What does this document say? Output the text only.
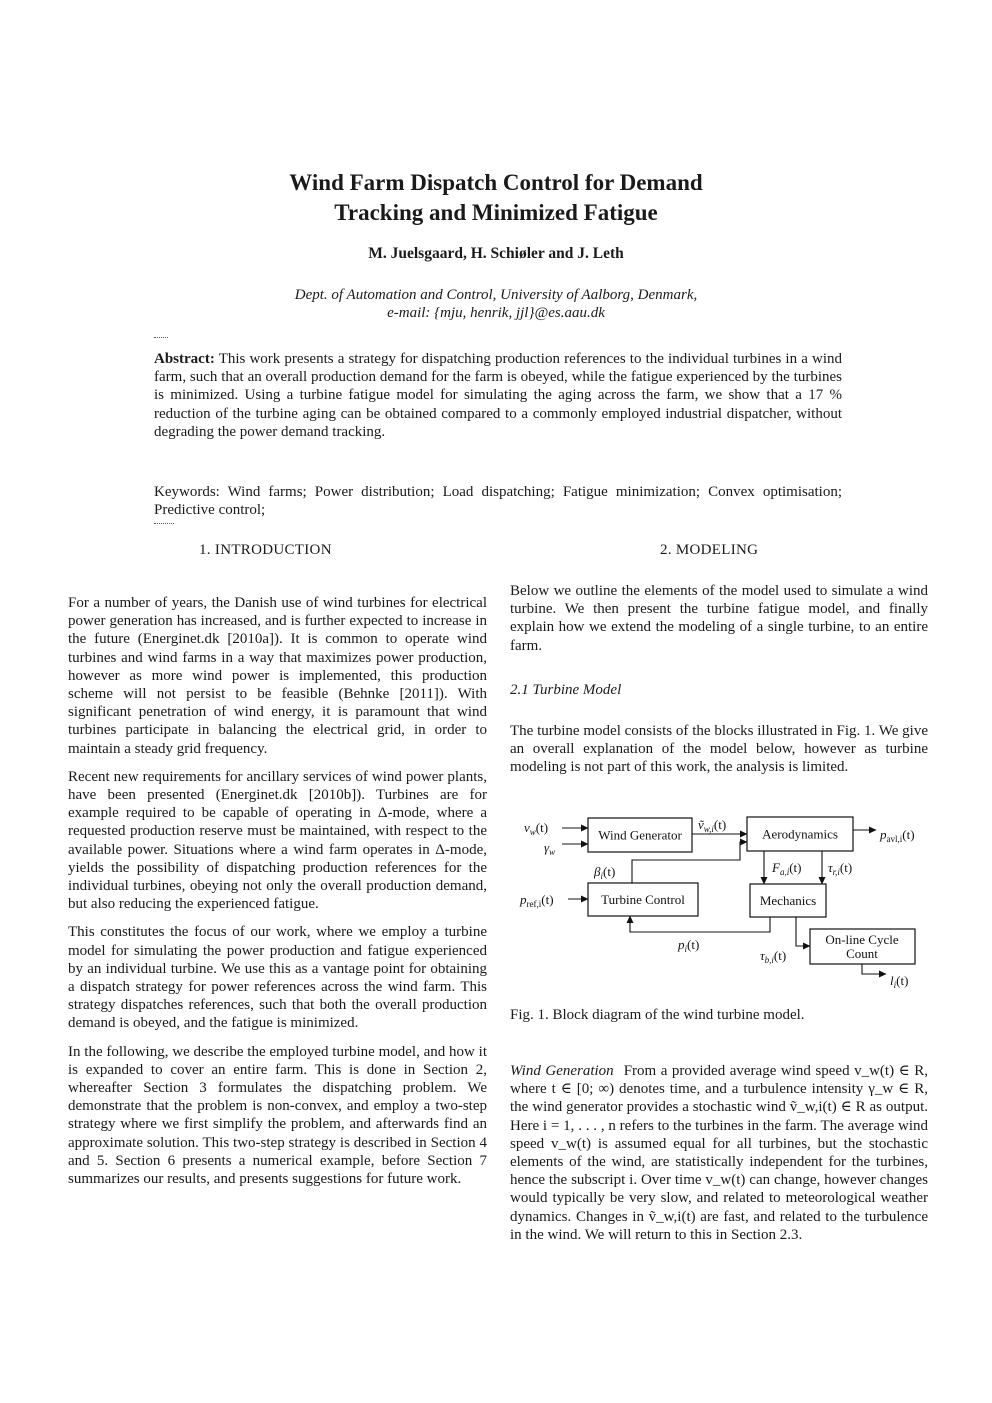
Wind Farm Dispatch Control for Demand
Tracking and Minimized Fatigue
M. Juelsgaard, H. Schiøler and J. Leth
Dept. of Automation and Control, University of Aalborg, Denmark,
e-mail: {mju, henrik, jjl}@es.aau.dk
Abstract: This work presents a strategy for dispatching production references to the individual turbines in a wind farm, such that an overall production demand for the farm is obeyed, while the fatigue experienced by the turbines is minimized. Using a turbine fatigue model for simulating the aging across the farm, we show that a 17 % reduction of the turbine aging can be obtained compared to a commonly employed industrial dispatcher, without degrading the power demand tracking.
Keywords: Wind farms; Power distribution; Load dispatching; Fatigue minimization; Convex optimisation; Predictive control;
1. INTRODUCTION	2. MODELING

For a number of years, the Danish use of wind turbines for electrical power generation has increased, and is further expected to increase in the future (Energinet.dk [2010a]). It is common to operate wind turbines and wind farms in a way that maximizes power production, however as more wind power is implemented, this production scheme will not persist to be feasible (Behnke [2011]). With significant penetration of wind energy, it is paramount that wind turbines participate in balancing the electrical grid, in order to maintain a steady grid frequency.

Recent new requirements for ancillary services of wind power plants, have been presented (Energinet.dk [2010b]). Turbines are for example required to be capable of operating in Δ-mode, where a requested production reserve must be maintained, with respect to the available power. Situations where a wind farm operates in Δ-mode, yields the possibility of dispatching production references for the individual turbines, obeying not only the overall production demand, but also reducing the experienced fatigue.

This constitutes the focus of our work, where we employ a turbine model for simulating the power production and fatigue experienced by an individual turbine. We use this as a vantage point for obtaining a dispatch strategy for power references across the wind farm. This strategy dispatches references, such that both the overall production demand is obeyed, and the fatigue is minimized.

In the following, we describe the employed turbine model, and how it is expanded to cover an entire farm. This is done in Section 2, whereafter Section 3 formulates the dispatching problem. We demonstrate that the problem is non-convex, and employ a two-step strategy where we first simplify the problem, and afterwards find an approximate solution. This two-step strategy is described in Section 4 and 5. Section 6 presents a numerical example, before Section 7 summarizes our results, and presents suggestions for future work.

Below we outline the elements of the model used to simulate a wind turbine. We then present the turbine fatigue model, and finally explain how we extend the modeling of a single turbine, to an entire farm.

2.1 Turbine Model

The turbine model consists of the blocks illustrated in Fig. 1. We give an overall explanation of the model below, however as turbine modeling is not part of this work, the analysis is limited.

Wind Generator	Aerodynamics
Turbine Control	Mechanics
On-line Cycle
Count
$v_w(t)$
$\gamma_w$
ṽ$_{w,i}$(t)
$p_{avl,i}(t)$
$\beta_i(t)$	$F_{a,i}(t)$ $\tau_{r,i}(t)$
$p_{ref,i}(t)$
$p_i(t)$
$\tau_{b,i}(t)$
$l_i(t)$
Fig. 1. Block diagram of the wind turbine model.

Wind Generation From a provided average wind speed v_w(t) ∈ R, where t ∈ [0; ∞) denotes time, and a turbulence intensity γ_w ∈ R, the wind generator provides a stochastic wind ṽ_w,i(t) ∈ R as output. Here i = 1, . . . , n refers to the turbines in the farm. The average wind speed v_w(t) is assumed equal for all turbines, but the stochastic elements of the wind, are statistically independent for the turbines, hence the subscript i. Over time v_w(t) can change, however changes would typically be very slow, and related to meteorological weather dynamics. Changes in ṽ_w,i(t) are fast, and related to the turbulence in the wind. We will return to this in Section 2.3.
